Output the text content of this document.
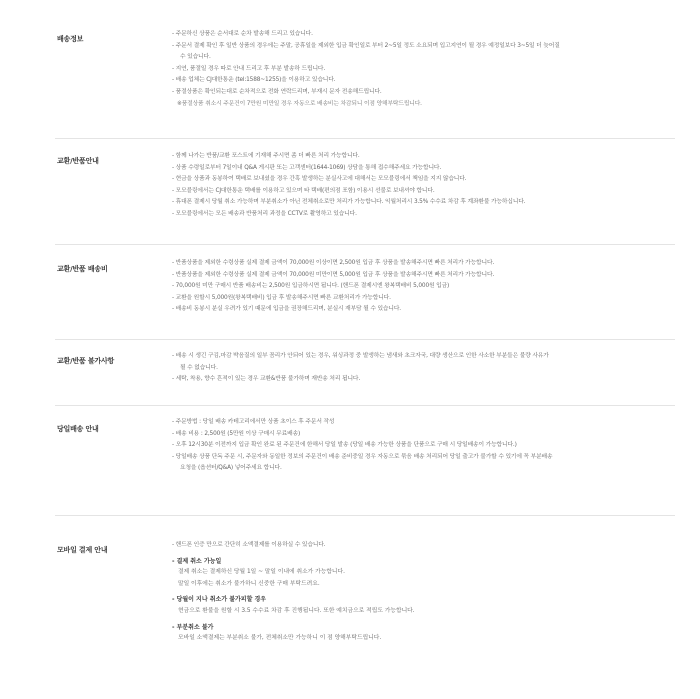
배송정보
- 주문하신 상품은 순서대로 순차 발송해 드리고 있습니다.
- 주문서 결제 확인 후 일반 상품의 경우에는 주말, 공휴일을 제외한 입금 확인일로 부터 2~5일 정도 소요되며 입고지연이 될 경우 예정일보다 3~5일 더 늦어질
수 있습니다.
- 지연, 품절일 경우 따로 안내 드리고 후 부분 발송하 드립니다.
- 배송 업체는 CJ대한통운 (tel:1588~1255)을 이용하고 있습니다.
- 품절상품은 확인되는대로 순차적으로 전화 연락드리며, 부재시 문자 전송해드립니다.
※품절상품 취소시 주문건이 7만원 미만일 경우 자동으로 배송비는 차감되니 이점 양해부탁드립니다.
교환/반품안내
- 함께 나가는 반품/교환 포스트에 기재해 주시면 좀 더 빠른 처리 가능합니다.
- 상품 수령일로부터 7일이내 Q&A 게시판 또는 고객센터(1644-1069) 상담을 통해 접수해주세요 가능합니다.
- 현금을 상품과 동봉하여 택배로 보내셨을 경우 간혹 발생하는 분실사고에 대해서는 모모블링에서 책임을 지지 않습니다.
- 모모블링에서는 CJ대한통운 택배를 이용하고 있으며 타 택배(편의점 포함) 이용시 선불로 보내셔야 합니다.
- 휴대폰 결제시 당월 취소 가능하며 부분취소가 아닌 전체취소로만 처리가 가능합니다. 익월처리시 3.5% 수수료 차감 후 계좌환불 가능하십니다.
- 모모블링에서는 모든 배송과 반품처리 과정을 CCTV로 촬영하고 있습니다.
교환/반품 배송비
- 반품상품을 제외한 수령상품 실제 결제 금액이 70,000원 이상이면 2,500원 입금 후 상품을 발송해주시면 빠른 처리가 가능합니다.
- 반품상품을 제외한 수령상품 실제 결제 금액이 70,000원 미만이면 5,000원 입금 후 상품을 발송해주시면 빠른 처리가 가능합니다.
- 70,000원 미만 구매시 반품 배송비는 2,500원 입금하시면 됩니다. (핸드폰 결제시엔 왕복택배비 5,000원 입금)
- 교환을 원할시 5,000원(왕복택배비) 입금 후 발송해주시면 빠른 교환처리가 가능합니다.
- 배송비 동봉시 분실 우려가 있기 때문에 입금을 권장해드리며, 분실시 재부담 될 수 있습니다.
교환/반품 불가사항
- 배송 시 생긴 구김,마감 박음질의 일부 꼼리가 안되어 있는 경우, 워싱과정 중 발생하는 냄새와 초크자국, 대량 생산으로 인한 사소한 부분들은 불량 사유가
될 수 없습니다.
- 세탁, 착용, 향수 흔적이 있는 경우 교환&반품 불가하며 재반송 처리 됩니다.
당일배송 안내
- 주문방법 : 당일 배송 카테고리에서만 상품 초이스 후 주문서 작성
- 배송 비용 : 2,500원 (5만원 이상 구매시 무료배송)
- 오후 12시30분 이전까지 입금 확인 완료 된 주문건에 한해서 당일 발송 (당일 배송 가능한 상품을 단품으로 구매 시 당일배송이 가능합니다.)
- 당일배송 상품 단독 주문 시, 주문자와 동일한 정보의 주문건이 배송 준비중일 경우 자동으로 묶음 배송 처리되어 당일 출고가 불가할 수 있기에 꼭 부분배송
요청을 (옵션터/Q&A) 넣어주세요 합니다.
모바일 결제 안내
- 핸드폰 인증 만으로 간단히 소액결제를 이용하실 수 있습니다.
- 결제 취소 가능일
결제 취소는 결제하신 당월 1일 ~ 말일 이내에 취소가 가능합니다.
말일 이후에는 취소가 불가하니 신중한 구매 부탁드려요.
- 당월이 지나 취소가 불가피할 경우
현금으로 환불을 원할 시 3.5 수수료 차감 후 진행됩니다. 또한 예치금으로 적립도 가능합니다.
- 부분취소 불가
모바일 소액결제는 부분취소 불가, 전체취소만 가능하니 이 점 양해부탁드립니다.
